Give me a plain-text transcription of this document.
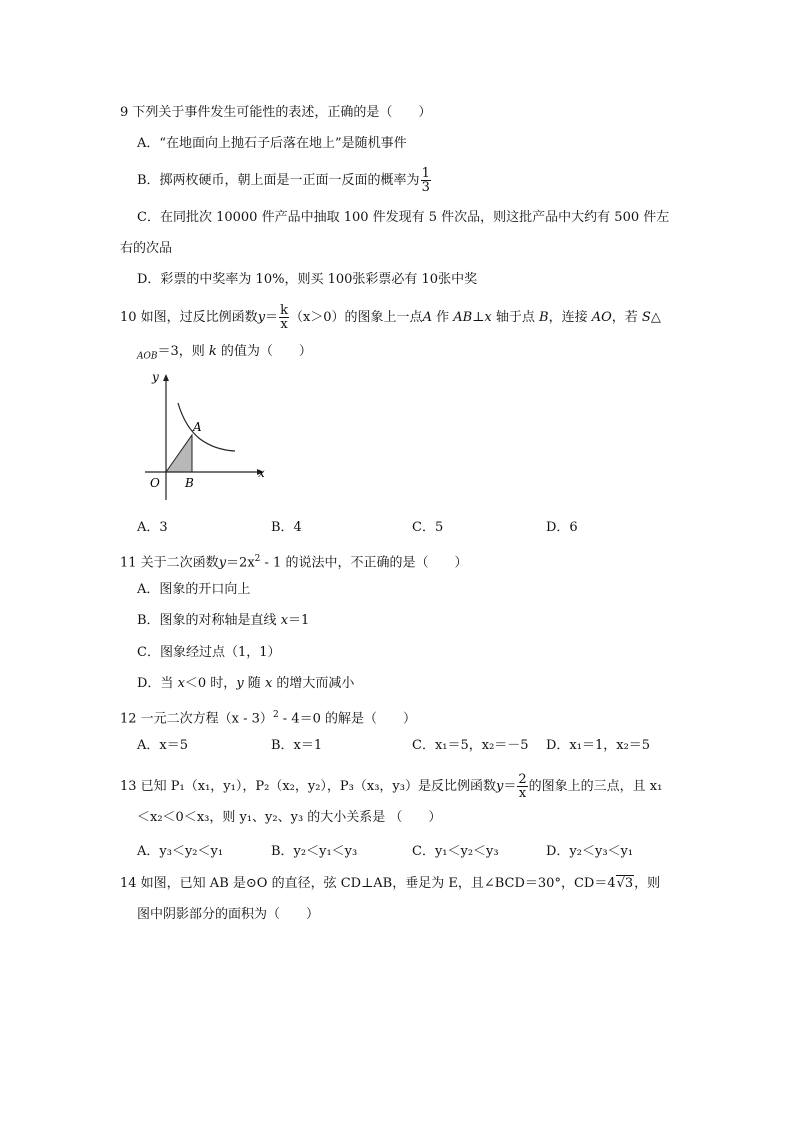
9 下列关于事件发生可能性的表述，正确的是（　　）
A．“在地面向上抛石子后落在地上”是随机事件
B．掷两枚硬币，朝上面是一正面一反面的概率为 $\frac{1}{3}$
C．在同批次 10000 件产品中抽取 100 件发现有 5 件次品，则这批产品中大约有 500 件左
右的次品
D．彩票的中奖率为 10%，则买 100张彩票必有 10张中奖
10 如图，过反比例函数$y= \frac{k}{x} (x>0)$的图象上一点A 作 AB⊥x 轴于点 B，连接 AO，若 S△
$_{AOB}$＝3，则 k 的值为（　　）
y
x
O B
A
A．3	B．4	C．5	D．6
11 关于二次函数$y=2x^2 - 1$ 的说法中，不正确的是（　　）
A．图象的开口向上
B．图象的对称轴是直线 x＝1
C．图象经过点（1，1）
D．当 x＜0 时，y 随 x 的增大而减小
12 一元二次方程（x - 3）$^2$ - 4＝0 的解是（　　）
A．x＝5	B．x＝1	C．x₁＝5，x₂＝－5 D．x₁＝1，x₂＝5
13 已知 P₁（x₁，y₁），P₂（x₂，y₂），P₃（x₃，y₃）是反比例函数$y= \frac{2}{x}$ 的图象上的三点，且 x₁
＜x₂＜0＜x₃，则 y₁、y₂、y₃ 的大小关系是 （　　）
A．y₃＜y₂＜y₁	B．y₂＜y₁＜y₃	C．y₁＜y₂＜y₃	D．y₂＜y₃＜y₁
14 如图，已知 AB 是⊙O 的直径，弦 CD⊥AB，垂足为 E，且∠BCD＝30°，CD＝4√3，则
图中阴影部分的面积为（　　）
